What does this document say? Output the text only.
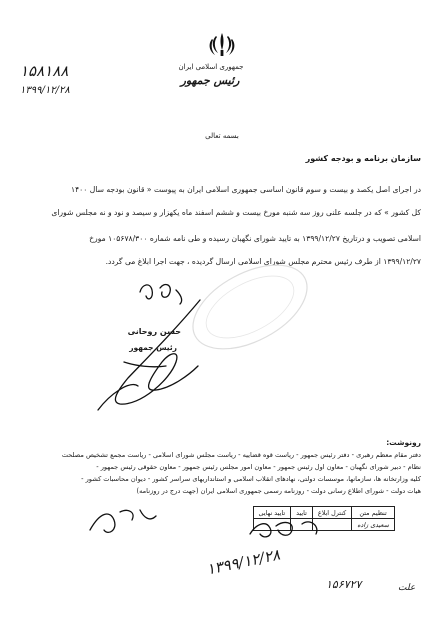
جمهوری اسلامی ایران
رئیس جمهور
۱۵۸۱۸۸
۱۳۹۹/۱۲/۲۸
بسمه تعالی
سازمان برنامه و بودجه کشور
در اجرای اصل یکصد و بیست و سوم قانون اساسی جمهوری اسلامی ایران به پیوست « قانون بودجه سال ۱۴۰۰
کل کشور » که در جلسه علنی روز سه شنبه مورخ بیست و ششم اسفند ماه یکهزار و سیصد و نود و نه مجلس شورای
اسلامی تصویب و درتاریخ ۱۳۹۹/۱۲/۲۷ به تایید شورای نگهبان رسیده و طی نامه شماره ۱۰۵۶۷۸/۳۰۰ مورخ
۱۳۹۹/۱۲/۲۷ از طرف رئیس محترم مجلس شورای اسلامی ارسال گردیده ، جهت اجرا ابلاغ می گردد.
حسن روحانی
رئیس جمهور
رونوشت:
دفتر مقام معظم رهبری - دفتر رئیس جمهور - ریاست قوه قضاییه - ریاست مجلس شورای اسلامی - ریاست مجمع تشخیص مصلحت
نظام - دبیر شورای نگهبان - معاون اول رئیس جمهور - معاون امور مجلس رئیس جمهور - معاون حقوقی رئیس جمهور -
کلیه وزارتخانه ها، سازمانها، موسسات دولتی، نهادهای انقلاب اسلامی و استانداریهای سراسر کشور - دیوان محاسبات کشور -
هیات دولت - شورای اطلاع رسانی دولت - روزنامه رسمی جمهوری اسلامی ایران (جهت درج در روزنامه)
تنظیم متن	کنترل ابلاغ	تایید	تایید نهایی
سعیدی زاده			
۱۳۹۹/۱۲/۲۸
۱۵۶۷۲۷	علت
